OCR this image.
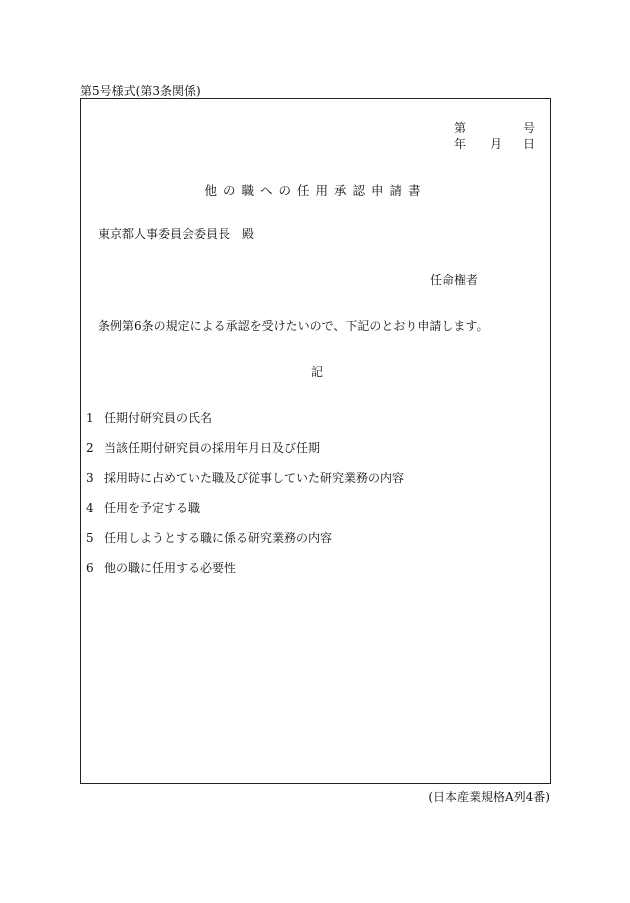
第5号様式(第3条関係)
第	号
年 月 日
他の職への任用承認申請書
東京都人事委員会委員長　殿
任命権者
条例第6条の規定による承認を受けたいので、下記のとおり申請します。
記
1 任期付研究員の氏名
2 当該任期付研究員の採用年月日及び任期
3 採用時に占めていた職及び従事していた研究業務の内容
4 任用を予定する職
5 任用しようとする職に係る研究業務の内容
6 他の職に任用する必要性
(日本産業規格A列4番)
